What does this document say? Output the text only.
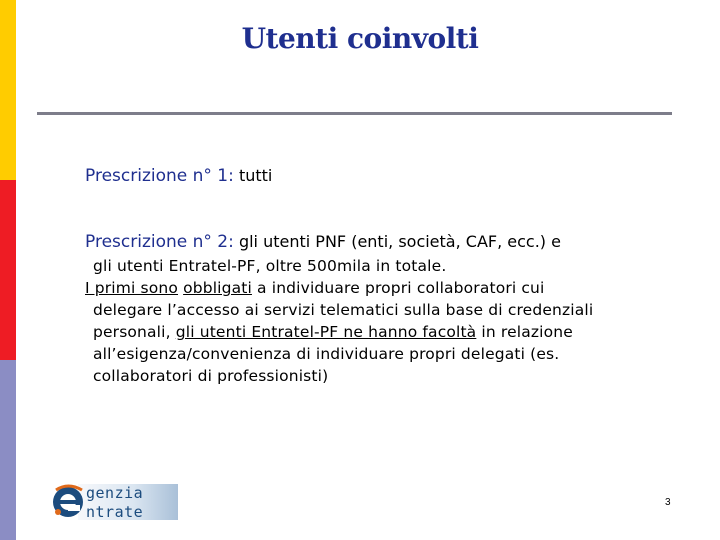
Utenti coinvolti
Prescrizione n° 1: tutti
Prescrizione n° 2: gli utenti PNF (enti, società, CAF, ecc.) e
gli utenti Entratel-PF, oltre 500mila in totale.
I primi sono obbligati a individuare propri collaboratori cui
delegare l’accesso ai servizi telematici sulla base di credenziali
personali, gli utenti Entratel-PF ne hanno facoltà in relazione
all’esigenza/convenienza di individuare propri delegati (es.
collaboratori di professionisti)
genzia
ntrate
3
